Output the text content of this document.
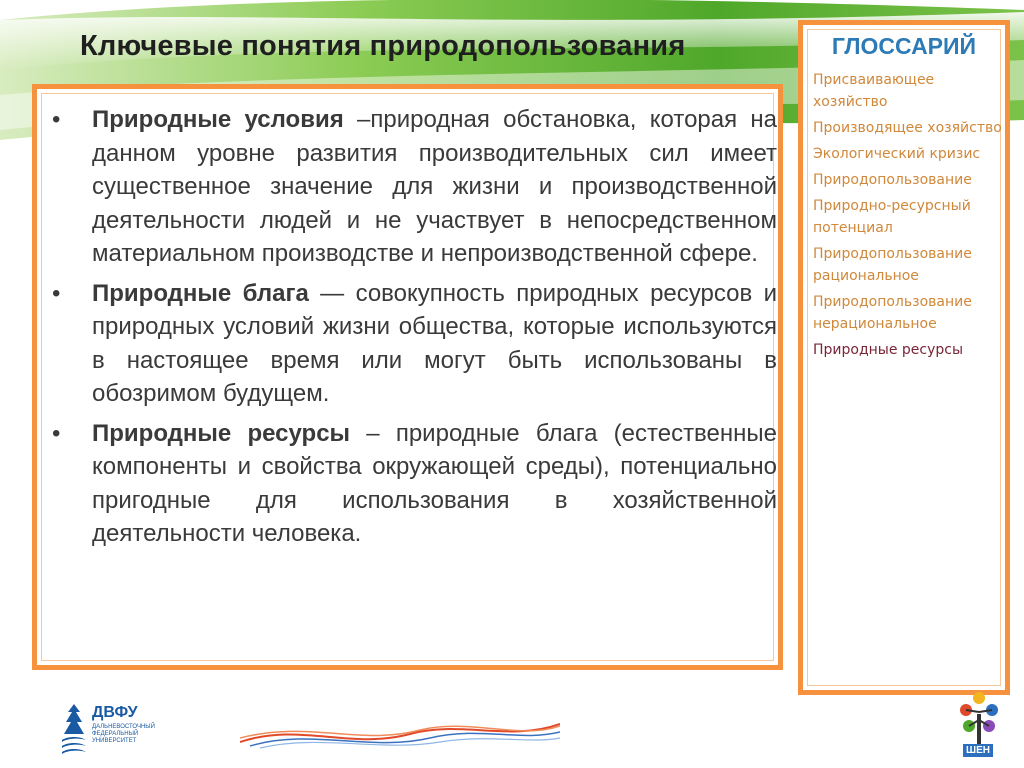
Ключевые понятия природопользования
• Природные условия –природная обстановка, которая на данном уровне развития производительных сил имеет существенное значение для жизни и производственной деятельности людей и не участвует в непосредственном материальном производстве и непроизводственной сфере.
• Природные блага — совокупность природных ресурсов и природных условий жизни общества, которые используются в настоящее время или могут быть использованы в обозримом будущем.
• Природные ресурсы – природные блага (естественные компоненты и свойства окружающей среды), потенциально пригодные для использования в хозяйственной деятельности человека.
ГЛОССАРИЙ
Присваивающее хозяйство
Производящее хозяйство
Экологический кризис
Природопользование
Природно-ресурсный потенциал
Природопользование рациональное
Природопользование нерациональное
Природные ресурсы
ДВФУ
ДАЛЬНЕВОСТОЧНЫЙ ФЕДЕРАЛЬНЫЙ УНИВЕРСИТЕТ
ШЕН
